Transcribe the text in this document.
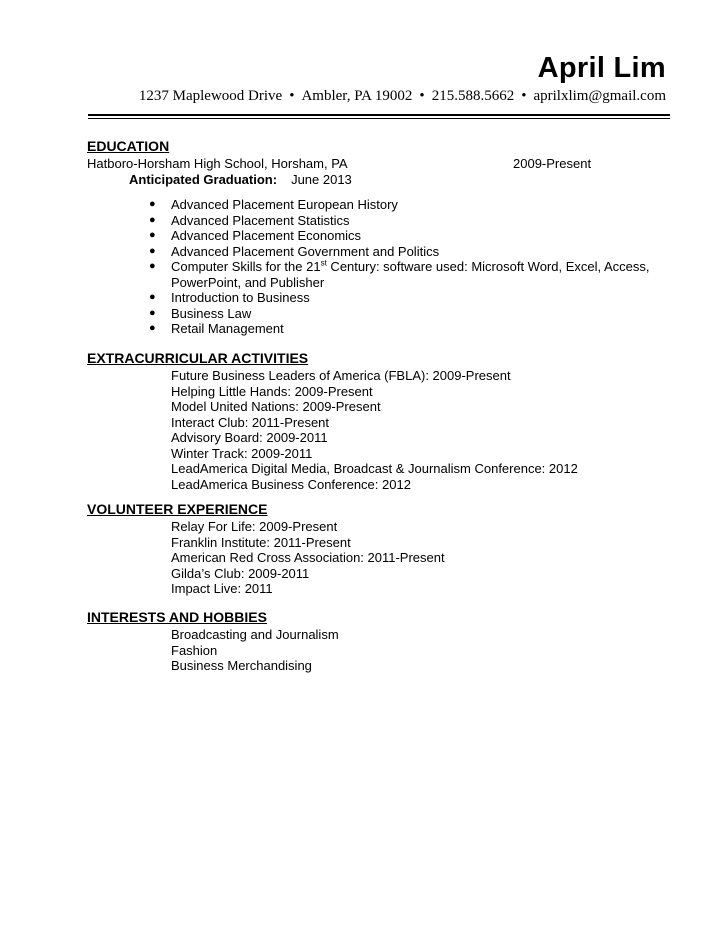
April Lim
1237 Maplewood Drive • Ambler, PA 19002 • 215.588.5662 • aprilxlim@gmail.com
EDUCATION
Hatboro-Horsham High School, Horsham, PA	2009-Present
Anticipated Graduation: June 2013
● Advanced Placement European History
● Advanced Placement Statistics
● Advanced Placement Economics
● Advanced Placement Government and Politics
● Computer Skills for the 21st Century: software used: Microsoft Word, Excel, Access, PowerPoint, and Publisher
● Introduction to Business
● Business Law
● Retail Management
EXTRACURRICULAR ACTIVITIES
Future Business Leaders of America (FBLA): 2009-Present
Helping Little Hands: 2009-Present
Model United Nations: 2009-Present
Interact Club: 2011-Present
Advisory Board: 2009-2011
Winter Track: 2009-2011
LeadAmerica Digital Media, Broadcast & Journalism Conference: 2012
LeadAmerica Business Conference: 2012
VOLUNTEER EXPERIENCE
Relay For Life: 2009-Present
Franklin Institute: 2011-Present
American Red Cross Association: 2011-Present
Gilda’s Club: 2009-2011
Impact Live: 2011
INTERESTS AND HOBBIES
Broadcasting and Journalism
Fashion
Business Merchandising
